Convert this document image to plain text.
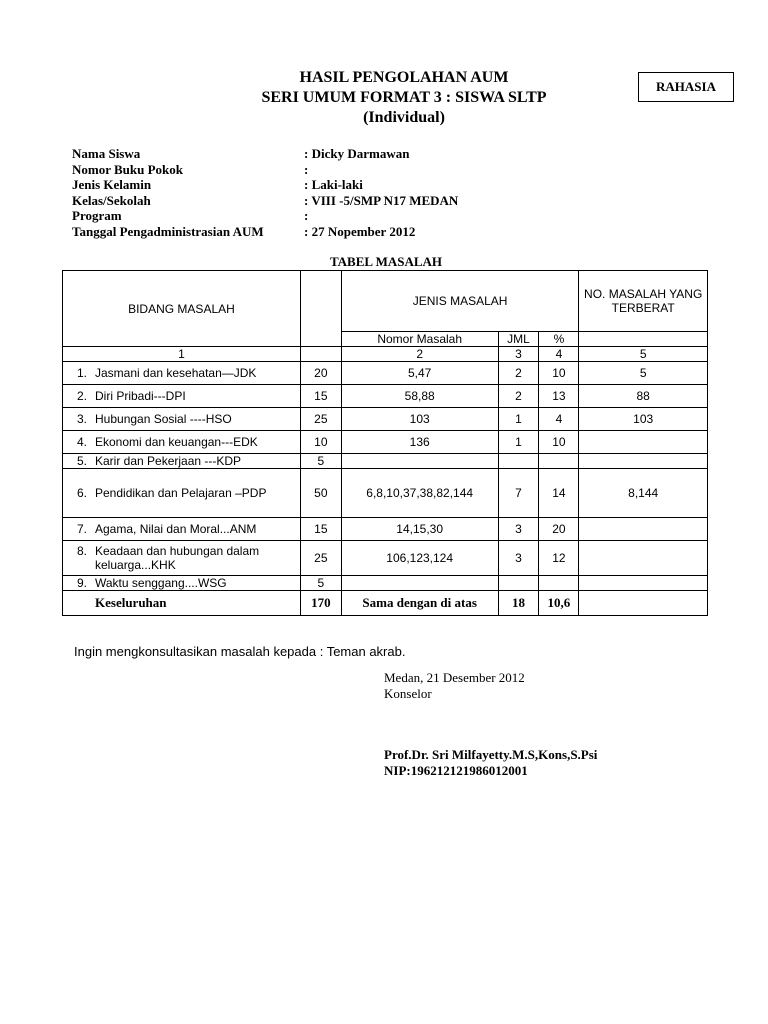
HASIL PENGOLAHAN AUM
SERI UMUM FORMAT 3 : SISWA SLTP
(Individual)
RAHASIA
Nama Siswa	: Dicky Darmawan
Nomor Buku Pokok	:
Jenis Kelamin	: Laki-laki
Kelas/Sekolah	: VIII -5/SMP N17 MEDAN
Program	:
Tanggal Pengadministrasian AUM	: 27 Nopember 2012
TABEL MASALAH
BIDANG MASALAH		JENIS MASALAH			NO. MASALAH YANG TERBERAT
		Nomor Masalah	JML	%	
1		2	3	4	5

1. Jasmani dan kesehatan—JDK	20	5,47	2	10	5

2. Diri Pribadi---DPI	15	58,88	2	13	88

3. Hubungan Sosial ----HSO	25	103	1	4	103

4. Ekonomi dan keuangan---EDK	10	136	1	10	

5. Karir dan Pekerjaan ---KDP	5				

6. Pendidikan dan Pelajaran –PDP	50	6,8,10,37,38,82,144	7	14	8,144

7. Agama, Nilai dan Moral...ANM	15	14,15,30	3	20	

8. Keadaan dan hubungan dalam keluarga...KHK	25	106,123,124	3	12	

9. Waktu senggang....WSG	5				
Keseluruhan	170	Sama dengan di atas	18	10,6	
Ingin mengkonsultasikan masalah kepada : Teman akrab.
Medan, 21 Desember 2012
Konselor
Prof.Dr. Sri Milfayetty.M.S,Kons,S.Psi
NIP:196212121986012001
